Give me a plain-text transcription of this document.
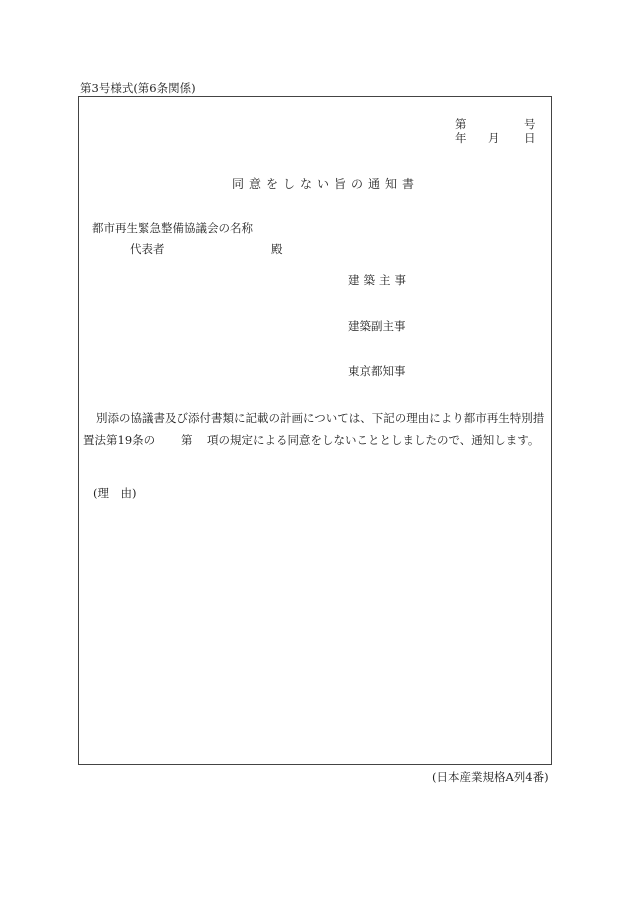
第3号様式(第6条関係)
第	号
年 月 日
同意をしない旨の通知書
都市再生緊急整備協議会の名称
代表者	殿
建築主事
建築副主事
東京都知事
別添の協議書及び添付書類に記載の計画については、下記の理由により都市再生特別措
置法第19条の 第 項の規定による同意をしないこととしましたので、通知します。
(理　由)
(日本産業規格A列4番)
